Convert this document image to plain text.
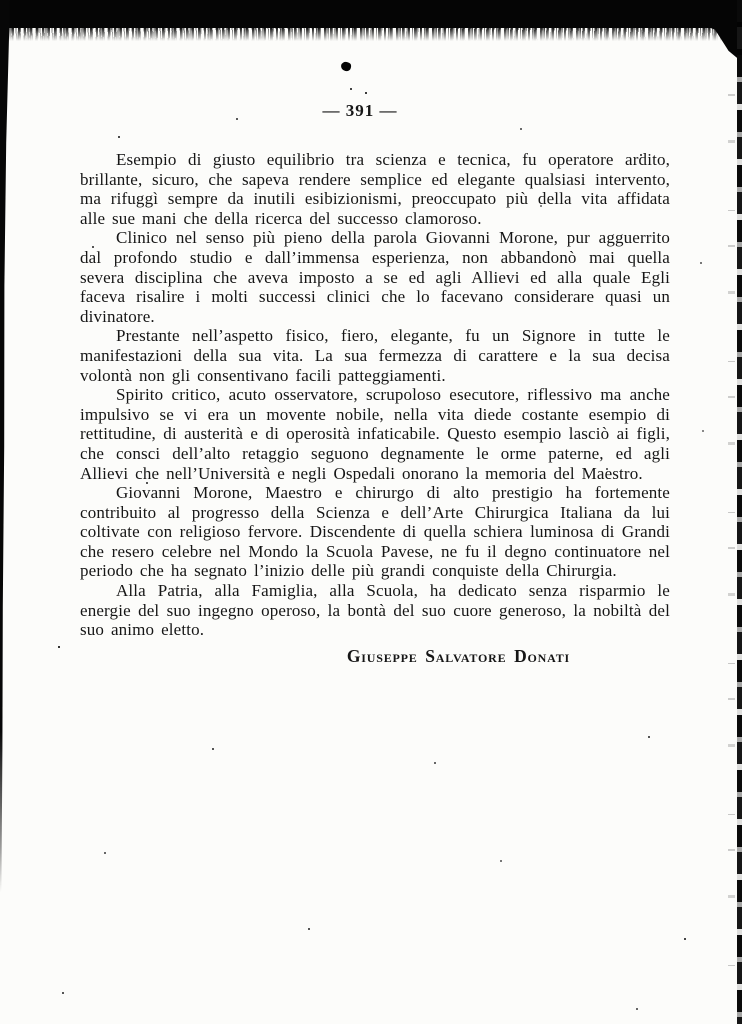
— 391 —

Esempio di giusto equilibrio tra scienza e tecnica, fu operatore ardito, brillante, sicuro, che sapeva rendere semplice ed elegante qualsiasi intervento, ma rifuggì sempre da inutili esibizionismi, preoccupato più della vita affidata alle sue mani che della ricerca del successo clamoroso.

Clinico nel senso più pieno della parola Giovanni Morone, pur agguerrito dal profondo studio e dall’immensa esperienza, non abbandonò mai quella severa disciplina che aveva imposto a se ed agli Allievi ed alla quale Egli faceva risalire i molti successi clinici che lo facevano considerare quasi un divinatore.

Prestante nell’aspetto fisico, fiero, elegante, fu un Signore in tutte le manifestazioni della sua vita. La sua fermezza di carattere e la sua decisa volontà non gli consentivano facili patteggiamenti.

Spirito critico, acuto osservatore, scrupoloso esecutore, riflessivo ma anche impulsivo se vi era un movente nobile, nella vita diede costante esempio di rettitudine, di austerità e di operosità infaticabile. Questo esempio lasciò ai figli, che consci dell’alto retaggio seguono degnamente le orme paterne, ed agli Allievi che nell’Università e negli Ospedali onorano la memoria del Maestro.

Giovanni Morone, Maestro e chirurgo di alto prestigio ha fortemente contribuito al progresso della Scienza e dell’Arte Chirurgica Italiana da lui coltivate con religioso fervore. Discendente di quella schiera luminosa di Grandi che resero celebre nel Mondo la Scuola Pavese, ne fu il degno continuatore nel periodo che ha segnato l’inizio delle più grandi conquiste della Chirurgia.

Alla Patria, alla Famiglia, alla Scuola, ha dedicato senza risparmio le energie del suo ingegno operoso, la bontà del suo cuore generoso, la nobiltà del suo animo eletto.

Giuseppe Salvatore Donati
